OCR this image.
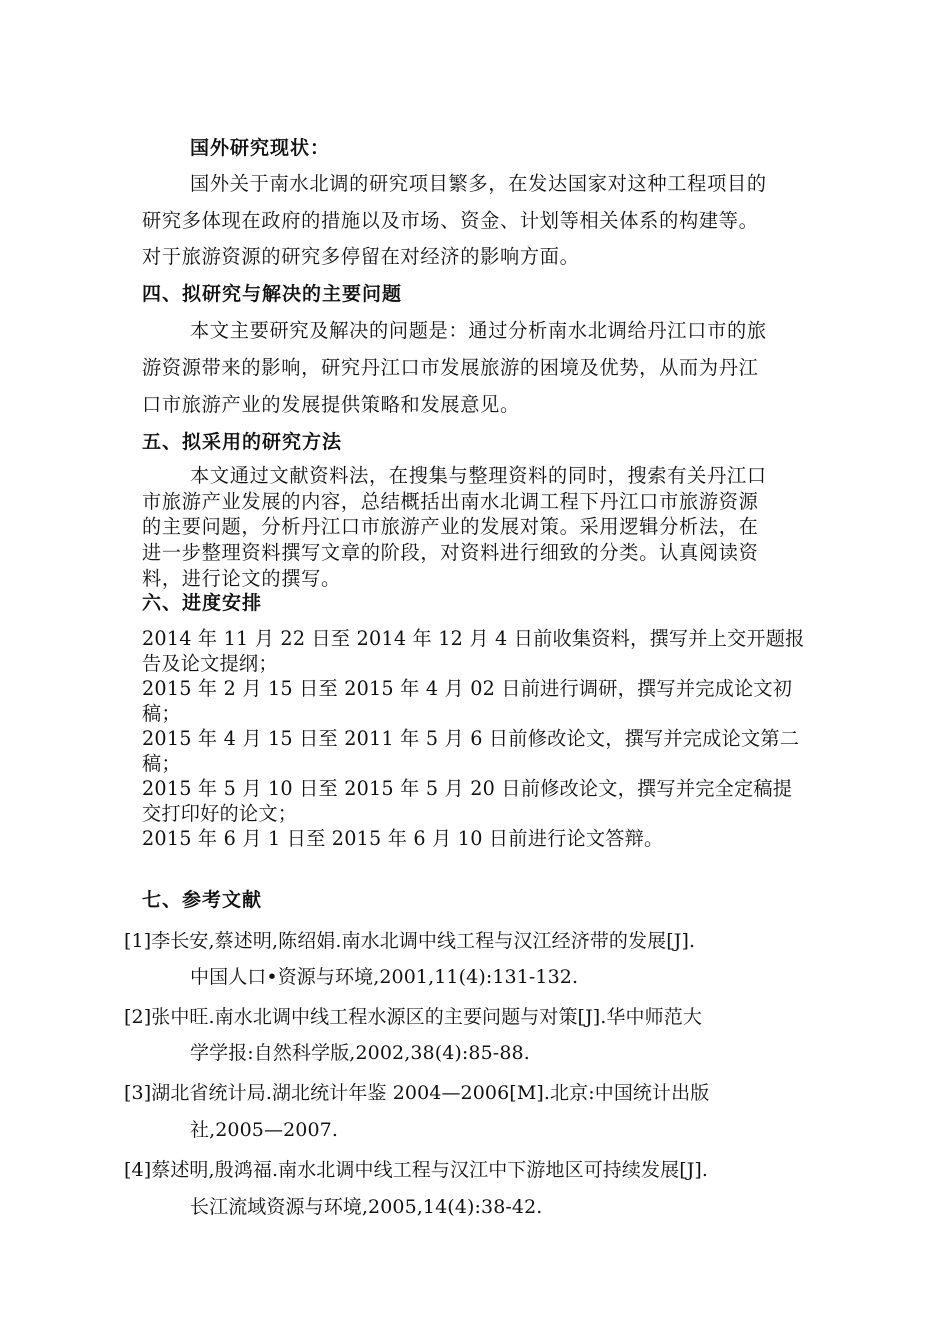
国外研究现状：

国外关于南水北调的研究项目繁多，在发达国家对这种工程项目的

研究多体现在政府的措施以及市场、资金、计划等相关体系的构建等。

对于旅游资源的研究多停留在对经济的影响方面。

四、拟研究与解决的主要问题

本文主要研究及解决的问题是：通过分析南水北调给丹江口市的旅

游资源带来的影响，研究丹江口市发展旅游的困境及优势，从而为丹江

口市旅游产业的发展提供策略和发展意见。

五、拟采用的研究方法

本文通过文献资料法，在搜集与整理资料的同时，搜索有关丹江口

市旅游产业发展的内容，总结概括出南水北调工程下丹江口市旅游资源

的主要问题，分析丹江口市旅游产业的发展对策。采用逻辑分析法，在

进一步整理资料撰写文章的阶段，对资料进行细致的分类。认真阅读资

料，进行论文的撰写。

六、进度安排

2014 年 11 月 22 日至 2014 年 12 月 4 日前收集资料，撰写并上交开题报

告及论文提纲；

2015 年 2 月 15 日至 2015 年 4 月 02 日前进行调研，撰写并完成论文初

稿；

2015 年 4 月 15 日至 2011 年 5 月 6 日前修改论文，撰写并完成论文第二

稿；

2015 年 5 月 10 日至 2015 年 5 月 20 日前修改论文，撰写并完全定稿提

交打印好的论文；

2015 年 6 月 1 日至 2015 年 6 月 10 日前进行论文答辩。

七、参考文献

[1]李长安,蔡述明,陈绍娟.南水北调中线工程与汉江经济带的发展[J].

中国人口•资源与环境,2001,11(4):131-132.

[2]张中旺.南水北调中线工程水源区的主要问题与对策[J].华中师范大

学学报:自然科学版,2002,38(4):85-88.

[3]湖北省统计局.湖北统计年鉴 2004—2006[M].北京:中国统计出版

社,2005—2007.

[4]蔡述明,殷鸿福.南水北调中线工程与汉江中下游地区可持续发展[J].

长江流域资源与环境,2005,14(4):38-42.
